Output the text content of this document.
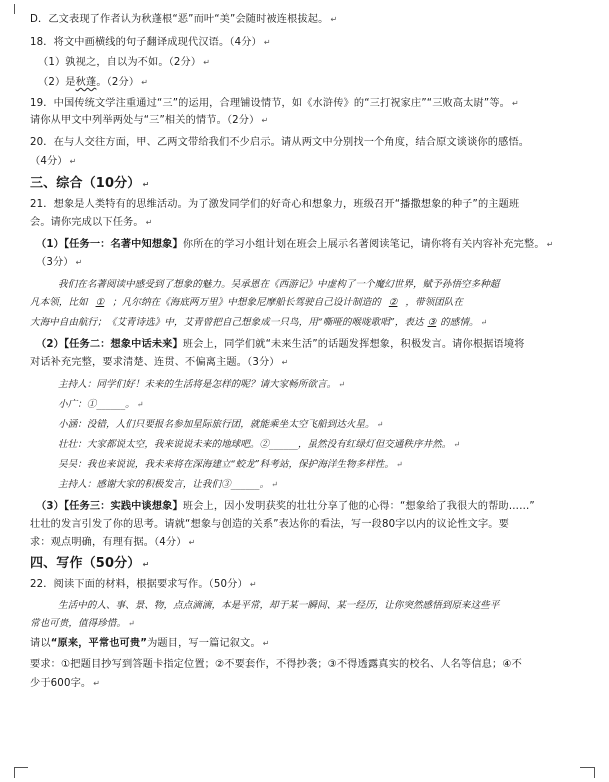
D．乙文表现了作者认为秋蓬根“恶”而叶“美”会随时被连根拔起。 ↵
18．将文中画横线的句子翻译成现代汉语。（4分） ↵
（1）孰视之，自以为不如。（2分） ↵
（2）是秋蓬。（2分） ↵
19．中国传统文学注重通过“三”的运用，合理铺设情节，如《水浒传》的“三打祝家庄”“三败高太尉”等。 ↵
请你从甲文中列举两处与“三”相关的情节。（2分） ↵
20．在与人交往方面，甲、乙两文带给我们不少启示。请从两文中分别找一个角度，结合原文谈谈你的感悟。
（4分） ↵
三、综合（10分） ↵
21．想象是人类特有的思维活动。为了激发同学们的好奇心和想象力，班级召开“播撒想象的种子”的主题班
会。请你完成以下任务。 ↵
（1）【任务一：名著中知想象】你所在的学习小组计划在班会上展示名著阅读笔记，请你将有关内容补充完整。 ↵
（3分） ↵
我们在名著阅读中感受到了想象的魅力。吴承恩在《西游记》中虚构了一个魔幻世界，赋予孙悟空多种超
凡本领，比如 ① ；凡尔纳在《海底两万里》中想象尼摩船长驾驶自己设计制造的 ② ，带领团队在
大海中自由航行；《艾青诗选》中，艾青曾把自己想象成一只鸟，用“嘶哑的喉咙歌唱”，表达 ③ 的感情。 ↵
（2）【任务二：想象中话未来】班会上，同学们就“未来生活”的话题发挥想象，积极发言。请你根据语境将
对话补充完整，要求清楚、连贯、不偏离主题。（3分） ↵
主持人：同学们好！未来的生活将是怎样的呢？请大家畅所欲言。 ↵
小广：①______。 ↵
小涵：没错，人们只要报名参加星际旅行团，就能乘坐太空飞船到达火星。 ↵
壮壮：大家都说太空，我来说说未来的地球吧。②______，虽然没有红绿灯但交通秩序井然。 ↵
吴吴：我也来说说，我未来将在深海建立“蛟龙”科考站，保护海洋生物多样性。 ↵
主持人：感谢大家的积极发言，让我们③______。 ↵
（3）【任务三：实践中谈想象】班会上，因小发明获奖的壮壮分享了他的心得：“想象给了我很大的帮助……”
壮壮的发言引发了你的思考。请就“想象与创造的关系”表达你的看法，写一段80字以内的议论性文字。要
求：观点明确，有理有据。（4分） ↵
四、写作（50分） ↵
22．阅读下面的材料，根据要求写作。（50分） ↵
生活中的人、事、景、物，点点滴滴，本是平常，却于某一瞬间、某一经历，让你突然感悟到原来这些平
常也可贵，值得珍惜。 ↵
请以“原来，平常也可贵”为题目，写一篇记叙文。 ↵
要求：①把题目抄写到答题卡指定位置；②不要套作，不得抄袭；③不得透露真实的校名、人名等信息；④不
少于600字。 ↵
